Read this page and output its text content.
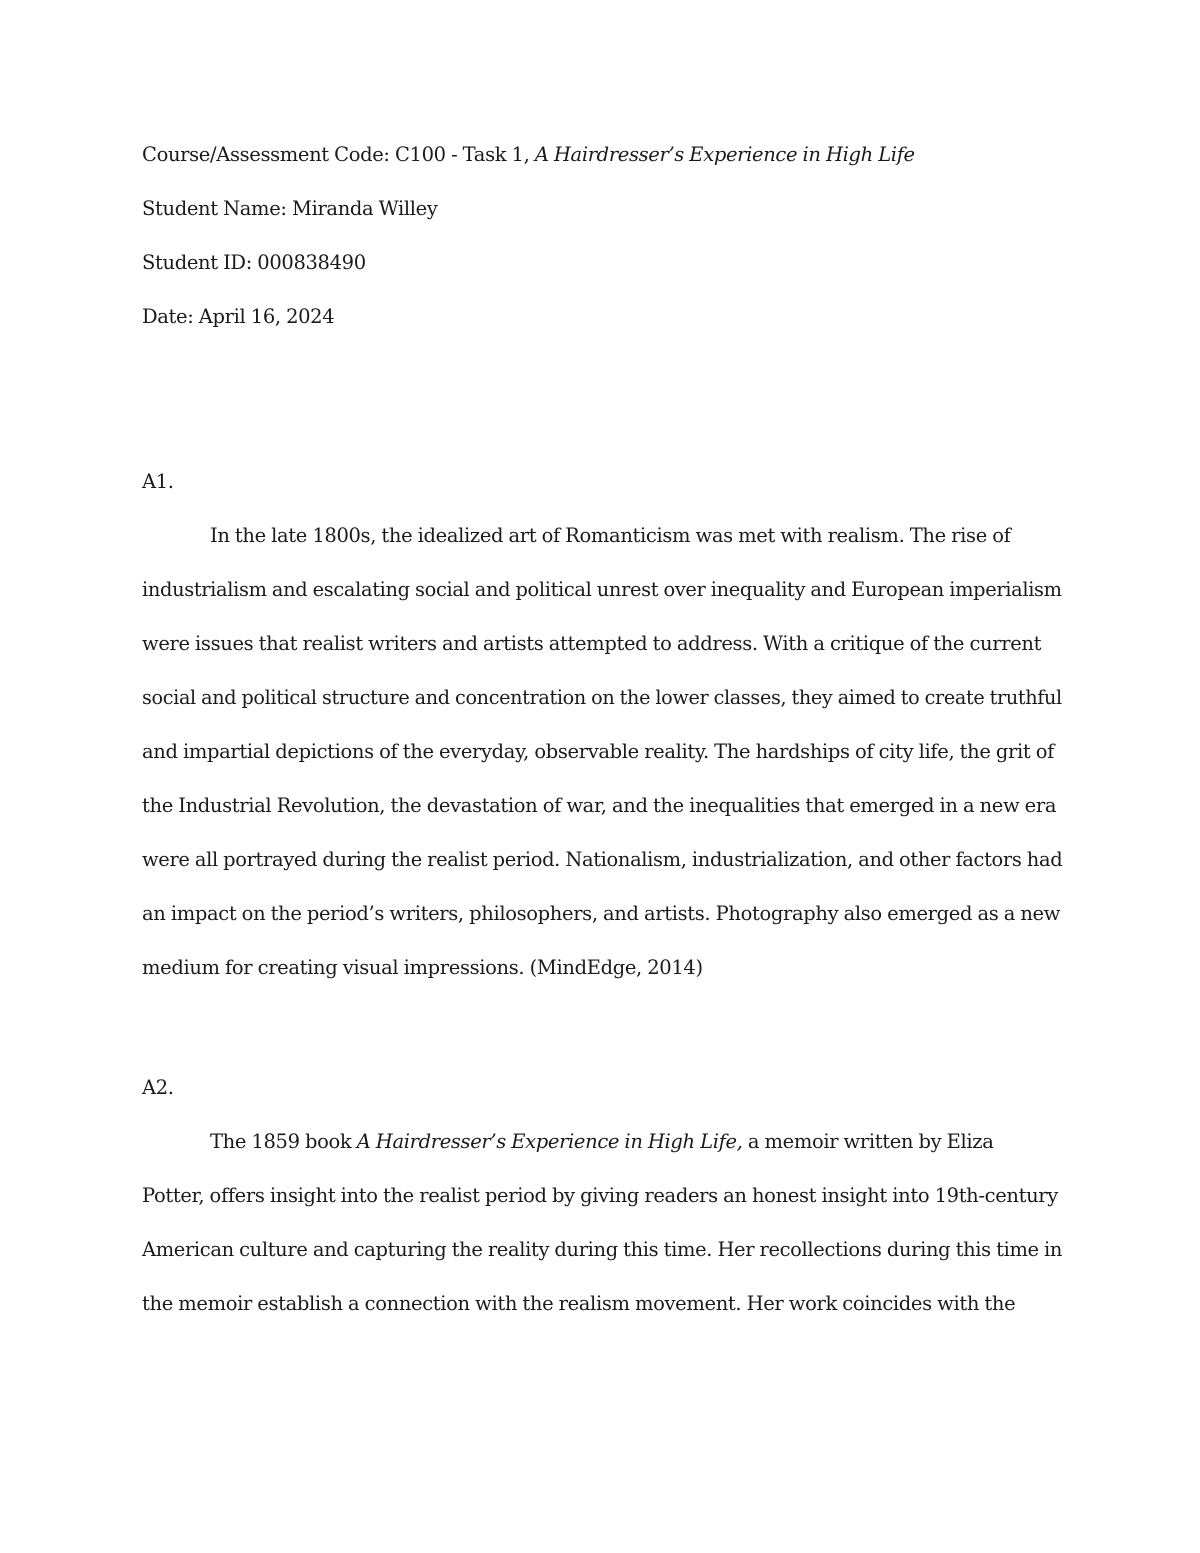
Course/Assessment Code: C100 - Task 1, A Hairdresser’s Experience in High Life

Student Name: Miranda Willey

Student ID: 000838490

Date: April 16, 2024

A1.

In the late 1800s, the idealized art of Romanticism was met with realism. The rise of

industrialism and escalating social and political unrest over inequality and European imperialism

were issues that realist writers and artists attempted to address. With a critique of the current

social and political structure and concentration on the lower classes, they aimed to create truthful

and impartial depictions of the everyday, observable reality. The hardships of city life, the grit of

the Industrial Revolution, the devastation of war, and the inequalities that emerged in a new era

were all portrayed during the realist period. Nationalism, industrialization, and other factors had

an impact on the period’s writers, philosophers, and artists. Photography also emerged as a new

medium for creating visual impressions. (MindEdge, 2014)

A2.

The 1859 book A Hairdresser’s Experience in High Life, a memoir written by Eliza

Potter, offers insight into the realist period by giving readers an honest insight into 19th-century

American culture and capturing the reality during this time. Her recollections during this time in

the memoir establish a connection with the realism movement. Her work coincides with the
